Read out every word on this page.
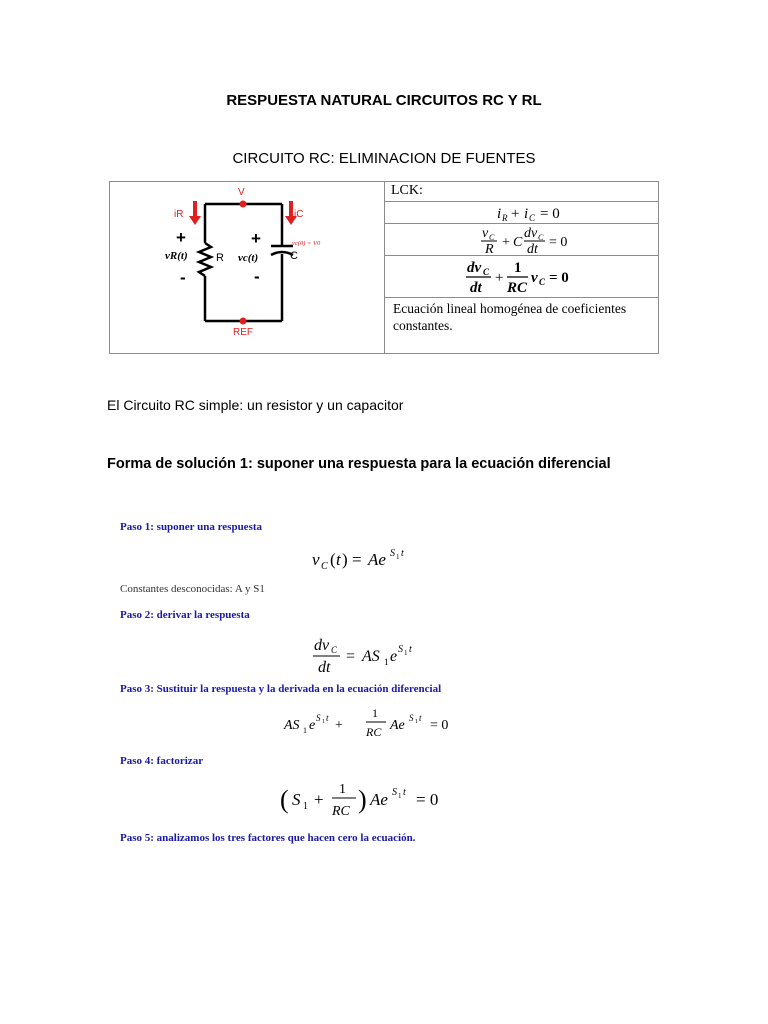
RESPUESTA NATURAL CIRCUITOS RC Y RL
CIRCUITO RC: ELIMINACION DE FUENTES
V
REF
iR	iC
+
vR(t)
-
R
+
vc(t)
-
C
vc(0) = V0
LCK:
i R + i C = 0
v C
R + C
dv C
dt = 0
dv C
dt
+
1
RC
v C = 0
Ecuación lineal homogénea de coeficientes constantes.
El Circuito RC simple: un resistor y un capacitor
Forma de solución 1: suponer una respuesta para la ecuación diferencial
Paso 1: suponer una respuesta
v C ( t ) = Ae S 1 t
Constantes desconocidas: A y S1
Paso 2: derivar la respuesta
dv C
dt
= AS 1 e S 1 t
Paso 3: Sustituir la respuesta y la derivada en la ecuación diferencial
AS 1 e S 1 t +
1
RC Ae S 1 t = 0
Paso 4: factorizar
( S 1 +
1
RC ) Ae S 1 t = 0
Paso 5: analizamos los tres factores que hacen cero la ecuación.
